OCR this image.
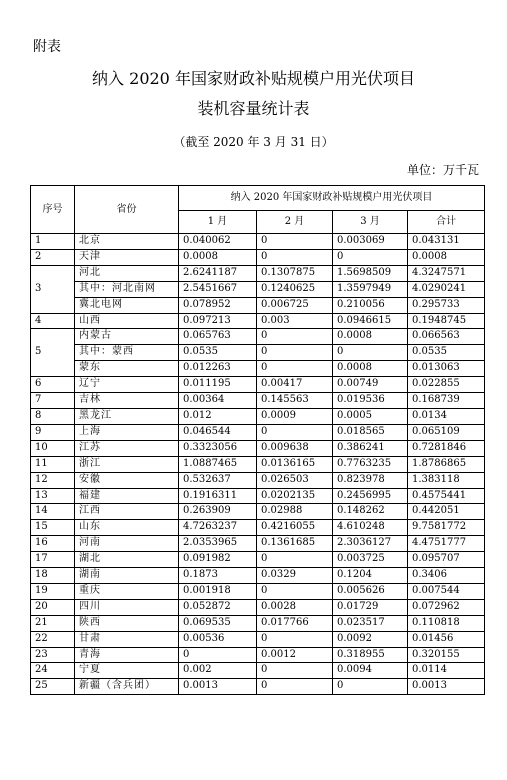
附表
纳入 2020 年国家财政补贴规模户用光伏项目
装机容量统计表
（截至 2020 年 3 月 31 日）
单位：万千瓦
序号	省份	纳入 2020 年国家财政补贴规模户用光伏项目			
		1 月	2 月	3 月	合计
1	北京	0.040062	0	0.003069	0.043131
2	天津	0.0008	0	0	0.0008
3	河北	2.6241187	0.1307875	1.5698509	4.3247571
	其中：河北南网	2.5451667	0.1240625	1.3597949	4.0290241
	冀北电网	0.078952	0.006725	0.210056	0.295733
4	山西	0.097213	0.003	0.0946615	0.1948745
5	内蒙古	0.065763	0	0.0008	0.066563
	其中：蒙西	0.0535	0	0	0.0535
	蒙东	0.012263	0	0.0008	0.013063
6	辽宁	0.011195	0.00417	0.00749	0.022855
7	吉林	0.00364	0.145563	0.019536	0.168739
8	黑龙江	0.012	0.0009	0.0005	0.0134
9	上海	0.046544	0	0.018565	0.065109
10	江苏	0.3323056	0.009638	0.386241	0.7281846
11	浙江	1.0887465	0.0136165	0.7763235	1.8786865
12	安徽	0.532637	0.026503	0.823978	1.383118
13	福建	0.1916311	0.0202135	0.2456995	0.4575441
14	江西	0.263909	0.02988	0.148262	0.442051
15	山东	4.7263237	0.4216055	4.610248	9.7581772
16	河南	2.0353965	0.1361685	2.3036127	4.4751777
17	湖北	0.091982	0	0.003725	0.095707
18	湖南	0.1873	0.0329	0.1204	0.3406
19	重庆	0.001918	0	0.005626	0.007544
20	四川	0.052872	0.0028	0.01729	0.072962
21	陕西	0.069535	0.017766	0.023517	0.110818
22	甘肃	0.00536	0	0.0092	0.01456
23	青海	0	0.0012	0.318955	0.320155
24	宁夏	0.002	0	0.0094	0.0114
25	新疆（含兵团）	0.0013	0	0	0.0013
